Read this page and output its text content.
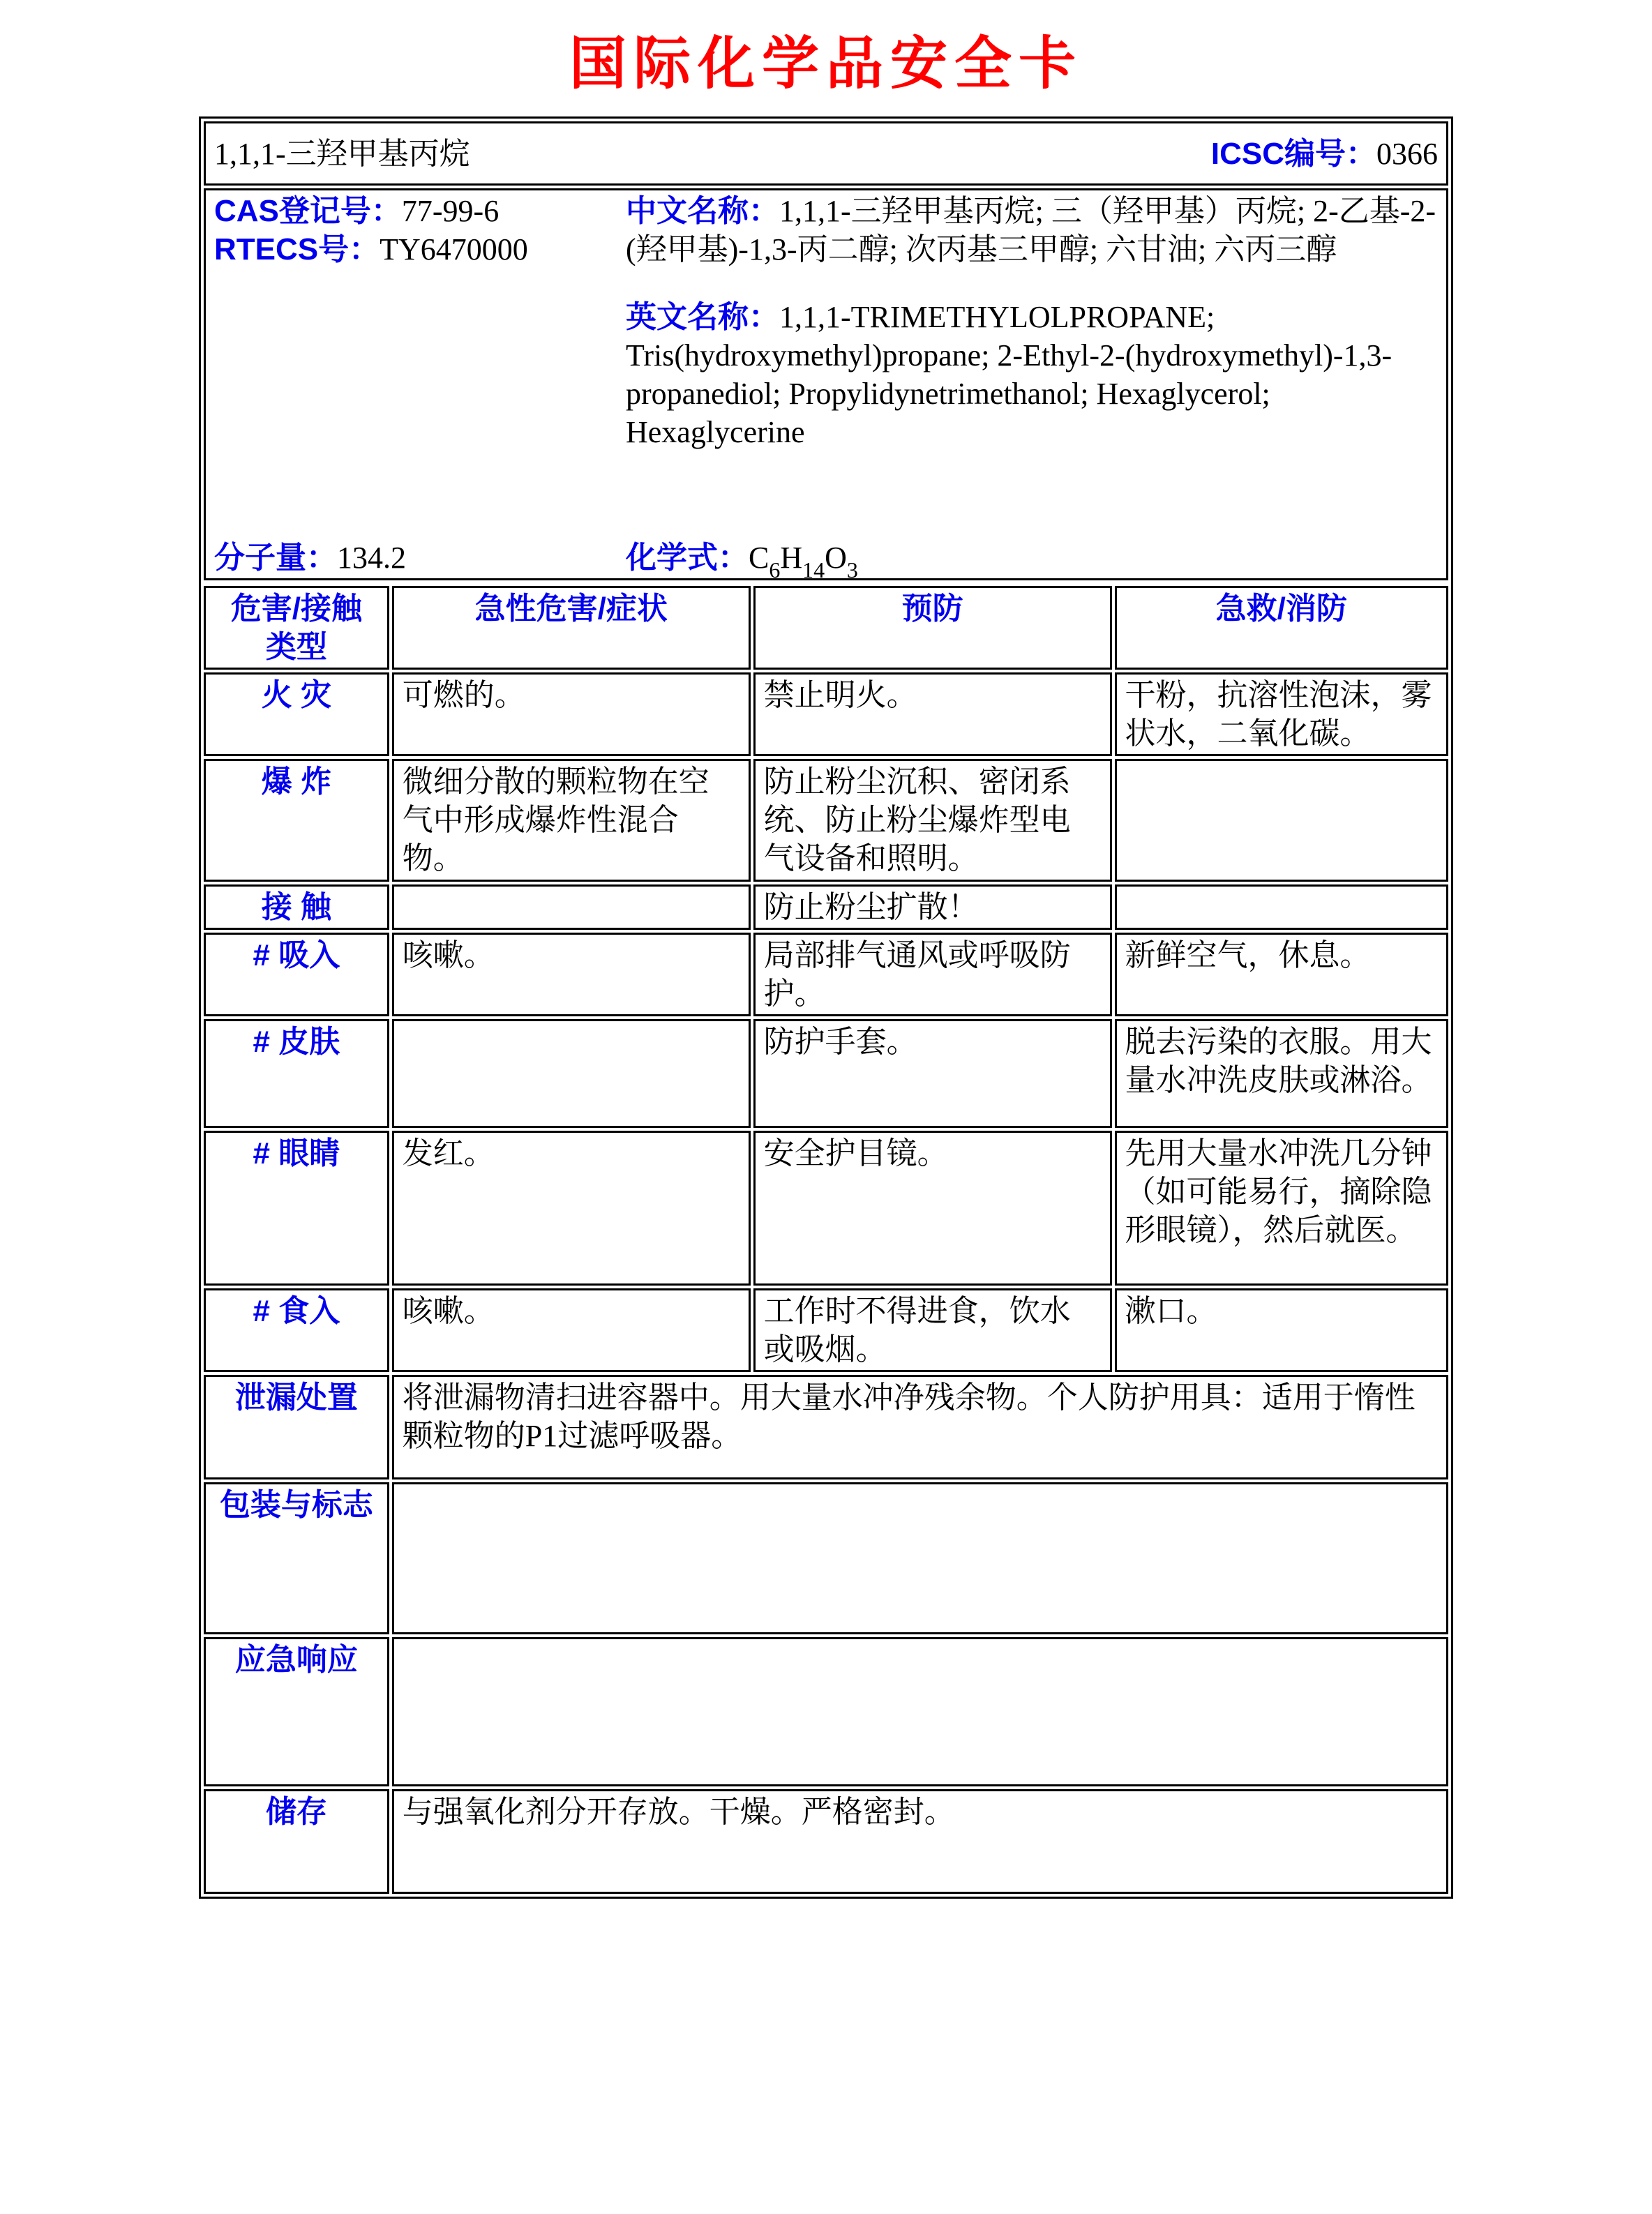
国际化学品安全卡
1,1,1-三羟甲基丙烷	ICSC编号：0366

CAS登记号：77-99-6
RTECS号：TY6470000
分子量：134.2
中文名称：1,1,1-三羟甲基丙烷; 三（羟甲基）丙烷; 2-乙基-2-(羟甲基)-1,3-丙二醇; 次丙基三甲醇; 六甘油; 六丙三醇
英文名称：1,1,1-TRIMETHYLOLPROPANE; Tris(hydroxymethyl)propane; 2-Ethyl-2-(hydroxymethyl)-1,3-propanediol; Propylidynetrimethanol; Hexaglycerol; Hexaglycerine
化学式：$C_6H_{14}O_3$
危害/接触
类型	急性危害/症状	预防	急救/消防
火 灾	可燃的。	禁止明火。	干粉，抗溶性泡沫，雾状水，二氧化碳。
爆 炸	微细分散的颗粒物在空气中形成爆炸性混合物。	防止粉尘沉积、密闭系统、防止粉尘爆炸型电气设备和照明。	
接 触		防止粉尘扩散！	
# 吸入	咳嗽。	局部排气通风或呼吸防护。	新鲜空气，休息。
# 皮肤		防护手套。	脱去污染的衣服。用大量水冲洗皮肤或淋浴。
# 眼睛	发红。	安全护目镜。	先用大量水冲洗几分钟（如可能易行，摘除隐形眼镜），然后就医。
# 食入	咳嗽。	工作时不得进食，饮水或吸烟。	漱口。
泄漏处置	将泄漏物清扫进容器中。用大量水冲净残余物。个人防护用具：适用于惰性颗粒物的P1过滤呼吸器。		
包装与标志			
应急响应			
储存	与强氧化剂分开存放。干燥。严格密封。		
